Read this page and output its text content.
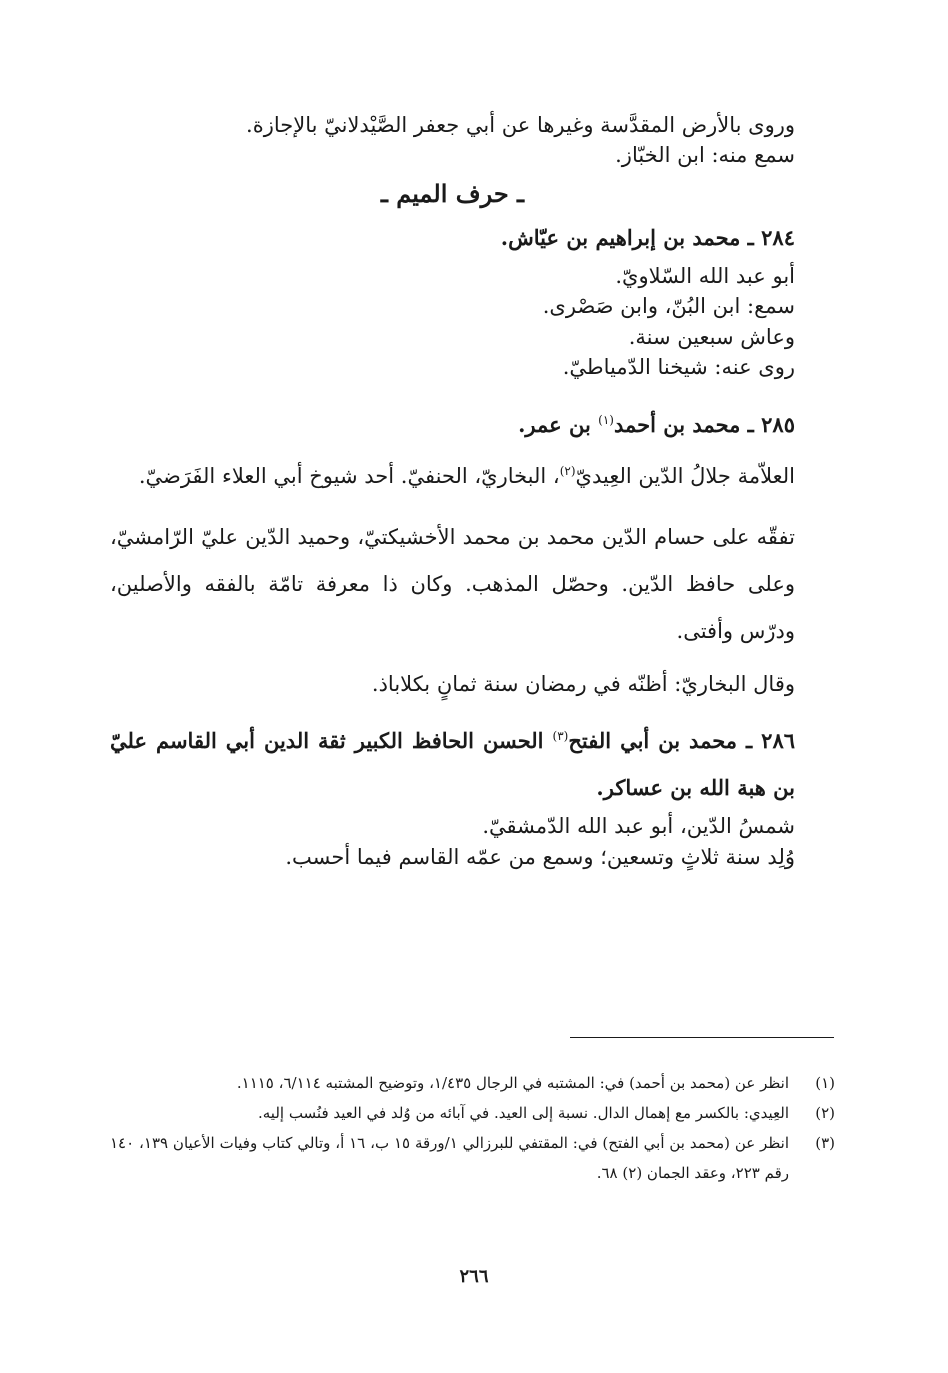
وروى بالأرض المقدَّسة وغيرها عن أبي جعفر الصَّيْدلانيّ بالإجازة.

سمع منه: ابن الخبّاز.

ـ حرف الميم ـ

٢٨٤ ـ محمد بن إبراهيم بن عيّاش.

أبو عبد الله السّلاويّ.

سمع: ابن البُنّ، وابن صَصْرى.

وعاش سبعين سنة.

روى عنه: شيخنا الدّمياطيّ.

٢٨٥ ـ محمد بن أحمد$^{(١)}$ بن عمر.

العلاّمة جلالُ الدّين العِيديّ$^{(٢)}$، البخاريّ، الحنفيّ. أحد شيوخ أبي العلاء الفَرَضيّ.

تفقّه على حسام الدّين محمد بن محمد الأخشيكتيّ، وحميد الدّين عليّ الرّامشيّ، وعلى حافظ الدّين. وحصّل المذهب. وكان ذا معرفة تامّة بالفقه والأصلين، ودرّس وأفتى.

وقال البخاريّ: أظنّه في رمضان سنة ثمانٍ بكلاباذ.

٢٨٦ ـ محمد بن أبي الفتح$^{(٣)}$ الحسن الحافظ الكبير ثقة الدين أبي القاسم عليّ بن هبة الله بن عساكر.

شمسُ الدّين، أبو عبد الله الدّمشقيّ.

وُلِد سنة ثلاثٍ وتسعين؛ وسمع من عمّه القاسم فيما أحسب.

(١)
انظر عن (محمد بن أحمد) في: المشتبه في الرجال ١/٤٣٥، وتوضيح المشتبه ٦/١١٤، ١١١٥.
(٢)
العِيدي: بالكسر مع إهمال الدال. نسبة إلى العيد. في آبائه من وُلد في العيد فنُسب إليه.
(٣)
انظر عن (محمد بن أبي الفتح) في: المقتفي للبرزالي ١/ورقة ١٥ ب، ١٦ أ، وتالي كتاب وفيات الأعيان ١٣٩، ١٤٠ رقم ٢٢٣، وعقد الجمان (٢) ٦٨.
٢٦٦
